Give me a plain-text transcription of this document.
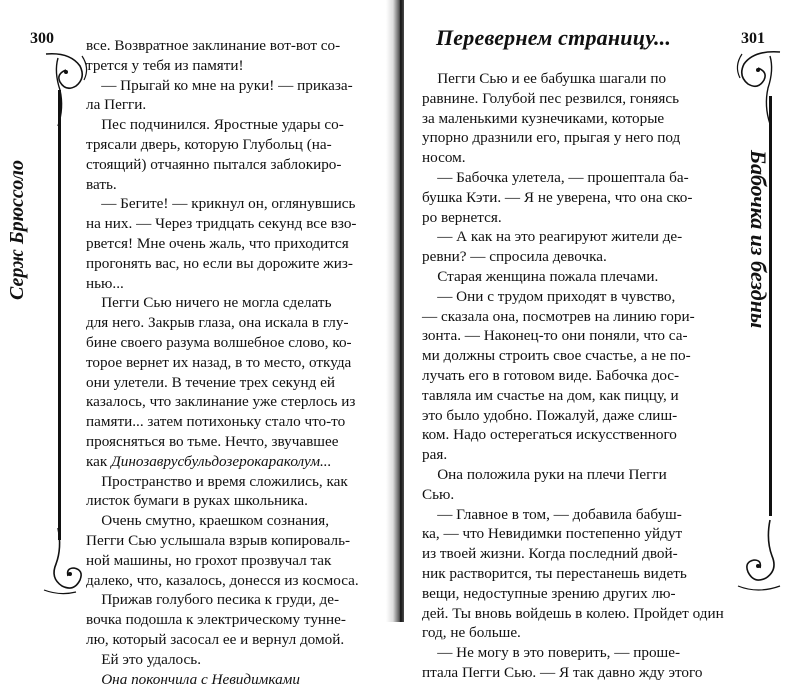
300
Серж Брюссоло

все. Возвратное заклинание вот-вот со-
трется у тебя из памяти!

 — Прыгай ко мне на руки! — приказа-
ла Пегги.

 Пес подчинился. Яростные удары со-
трясали дверь, которую Глубольц (на-
стоящий) отчаянно пытался заблокиро-
вать.

 — Бегите! — крикнул он, оглянувшись
на них. — Через тридцать секунд все взо-
рвется! Мне очень жаль, что приходится
прогонять вас, но если вы дорожите жиз-
нью...

 Пегги Сью ничего не могла сделать
для него. Закрыв глаза, она искала в глу-
бине своего разума волшебное слово, ко-
торое вернет их назад, в то место, откуда
они улетели. В течение трех секунд ей
казалось, что заклинание уже стерлось из
памяти... затем потихоньку стало что-то
проясняться во тьме. Нечто, звучавшее
как Динозаврусбульдозерокараколум...

 Пространство и время сложились, как
листок бумаги в руках школьника.

 Очень смутно, краешком сознания,
Пегги Сью услышала взрыв копироваль-
ной машины, но грохот прозвучал так
далеко, что, казалось, донесся из космоса.

 Прижав голубого песика к груди, де-
вочка подошла к электрическому туннe-
лю, который засосал ее и вернул домой.

 Ей это удалось.

 Она покончила с Невидимками

301
Перевернем страницу...

 Пегги Сью и ее бабушка шагали по
равнине. Голубой пес резвился, гоняясь
за маленькими кузнечиками, которые
упорно дразнили его, прыгая у него под
носом.

 — Бабочка улетела, — прошептала ба-
бушка Кэти. — Я не уверена, что она ско-
ро вернется.

 — А как на это реагируют жители де-
ревни? — спросила девочка.

 Старая женщина пожала плечами.

 — Они с трудом приходят в чувство,
— сказала она, посмотрев на линию гори-
зонта. — Наконец-то они поняли, что са-
ми должны строить свое счастье, а не по-
лучать его в готовом виде. Бабочка дос-
тавляла им счастье на дом, как пиццу, и
это было удобно. Пожалуй, даже слиш-
ком. Надо остерегаться искусственного
рая.

 Она положила руки на плечи Пегги
Сью.

 — Главное в том, — добавила бабуш-
ка, — что Невидимки постепенно уйдут
из твоей жизни. Когда последний двой-
ник растворится, ты перестанешь видеть
вещи, недоступные зрению других лю-
дей. Ты вновь войдешь в колею. Пройдет один
год, не больше.

 — Не могу в это поверить, — проше-
птала Пегги Сью. — Я так давно жду этого

Бабочка из бездны
